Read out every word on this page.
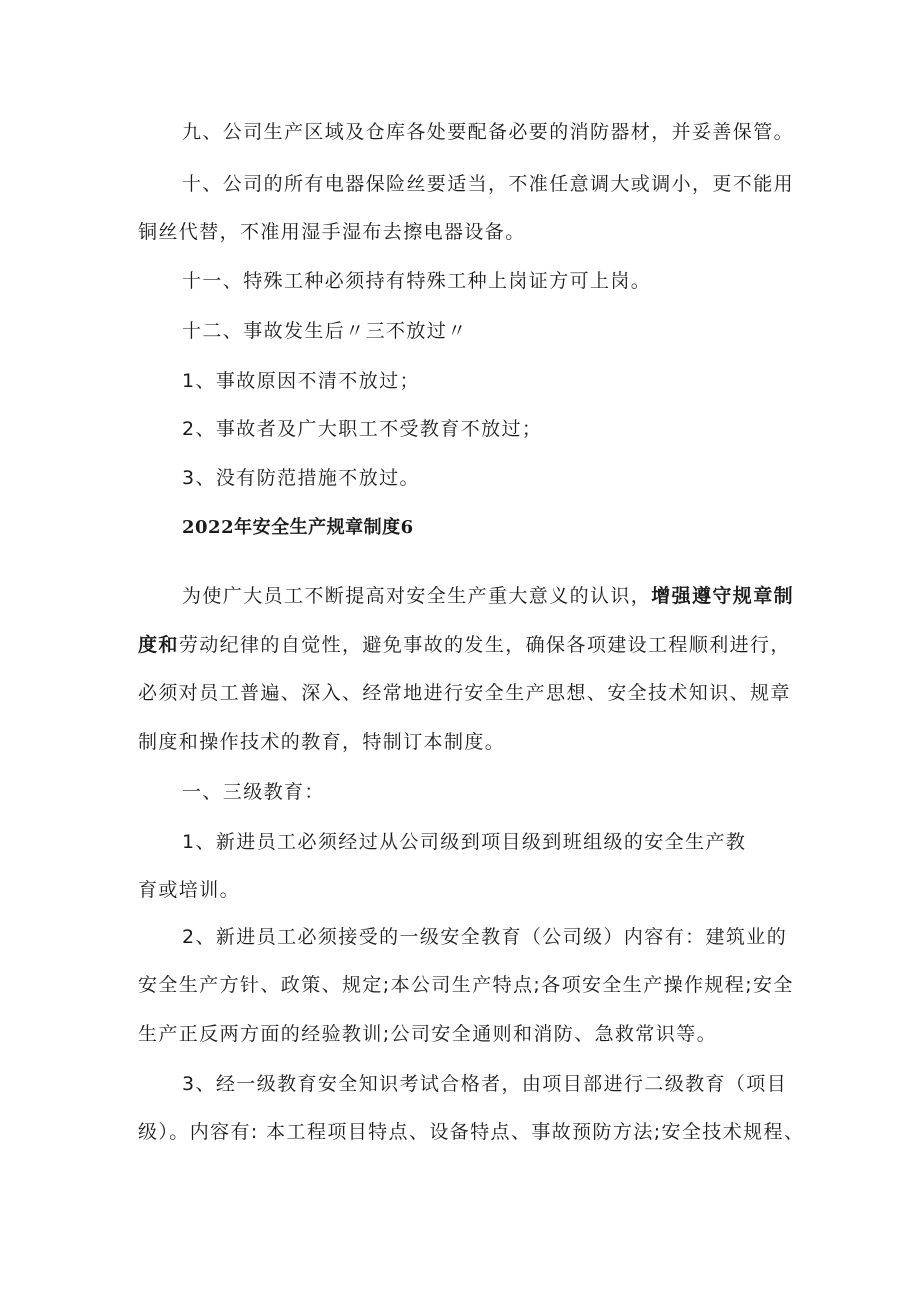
九、公司生产区域及仓库各处要配备必要的消防器材，并妥善保管。
十、公司的所有电器保险丝要适当，不准任意调大或调小，更不能用
铜丝代替，不准用湿手湿布去擦电器设备。
十一、特殊工种必须持有特殊工种上岗证方可上岗。
十二、事故发生后〃三不放过〃
1、事故原因不清不放过；
2、事故者及广大职工不受教育不放过；
3、没有防范措施不放过。
2022年安全生产规章制度6
为使广大员工不断提高对安全生产重大意义的认识，增强遵守规章制
度和劳动纪律的自觉性，避免事故的发生，确保各项建设工程顺利进行，
必须对员工普遍、深入、经常地进行安全生产思想、安全技术知识、规章
制度和操作技术的教育，特制订本制度。
一、三级教育：
1、新进员工必须经过从公司级到项目级到班组级的安全生产教
育或培训。
2、新进员工必须接受的一级安全教育（公司级）内容有：建筑业的
安全生产方针、政策、规定;本公司生产特点;各项安全生产操作规程;安全
生产正反两方面的经验教训;公司安全通则和消防、急救常识等。
3、经一级教育安全知识考试合格者，由项目部进行二级教育（项目
级）。内容有: 本工程项目特点、设备特点、事故预防方法;安全技术规程、
